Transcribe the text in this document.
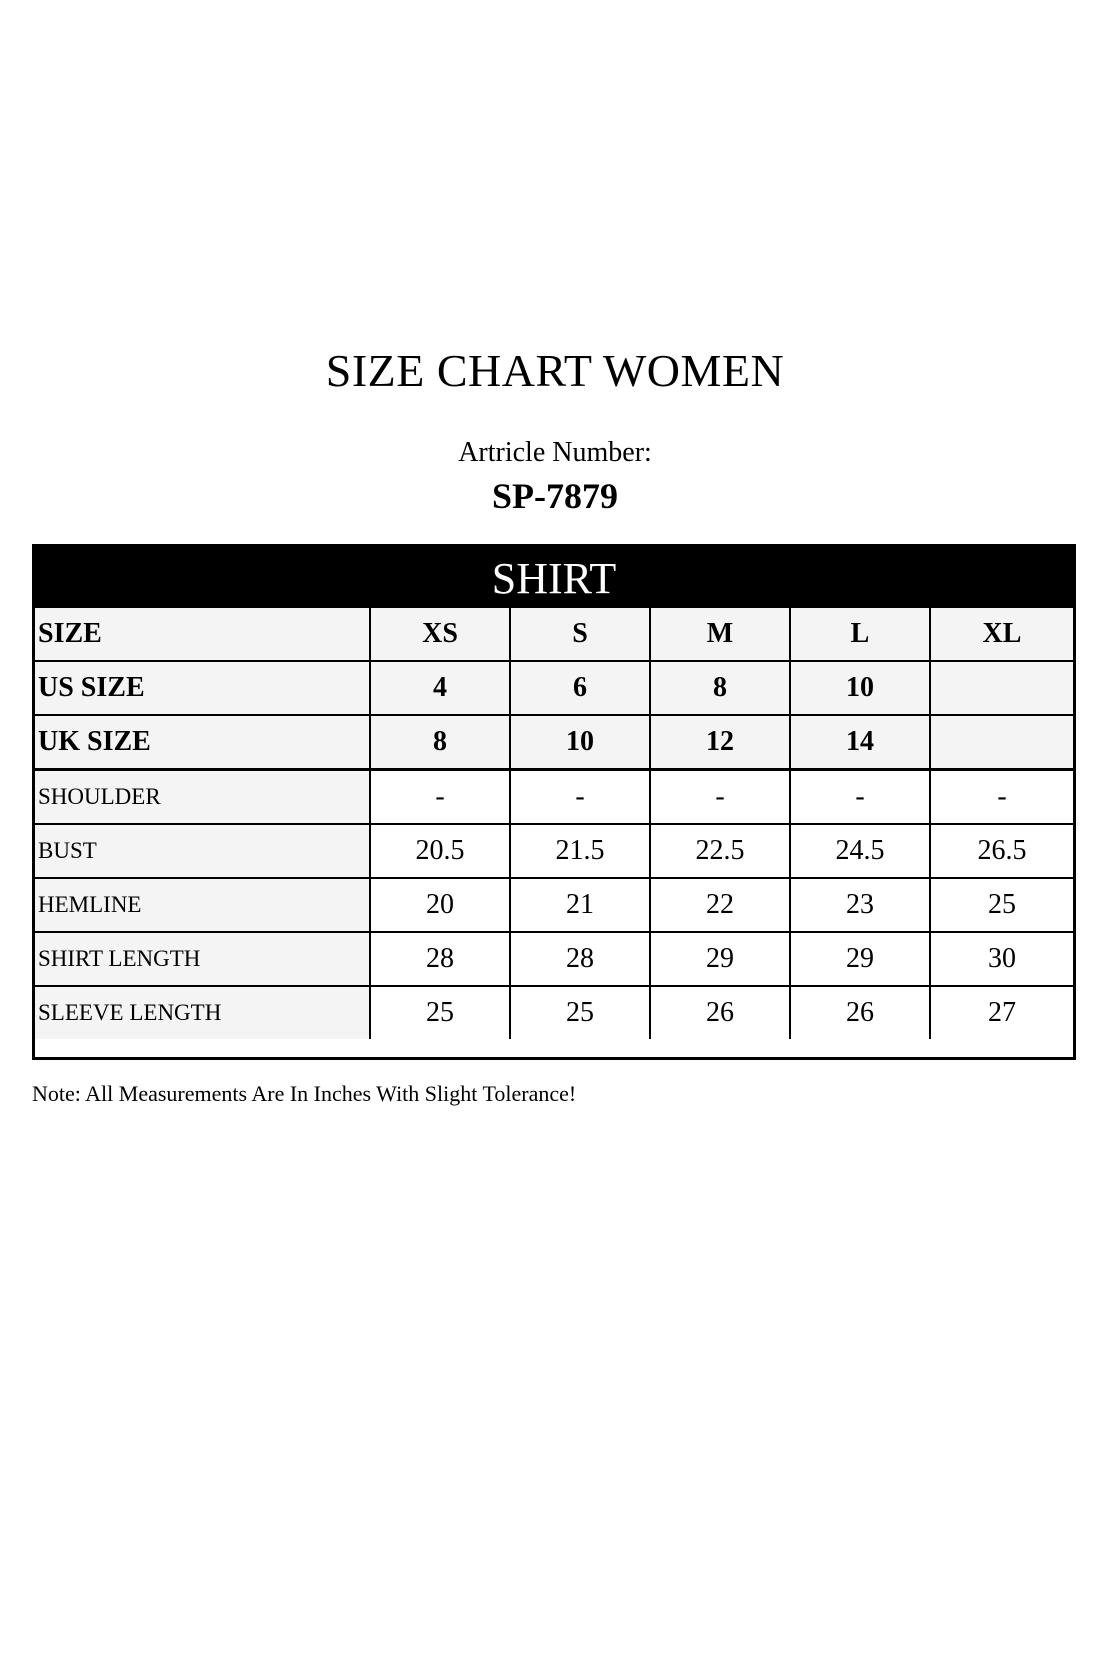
SIZE CHART WOMEN
Artricle Number:
SP-7879
SHIRT
SIZE	XS	S	M	L	XL
US SIZE	4	6	8	10	
UK SIZE	8	10	12	14	
SHOULDER	-	-	-	-	-
BUST	20.5	21.5	22.5	24.5	26.5
HEMLINE	20	21	22	23	25
SHIRT LENGTH	28	28	29	29	30
SLEEVE LENGTH	25	25	26	26	27
Note: All Measurements Are In Inches With Slight Tolerance!
